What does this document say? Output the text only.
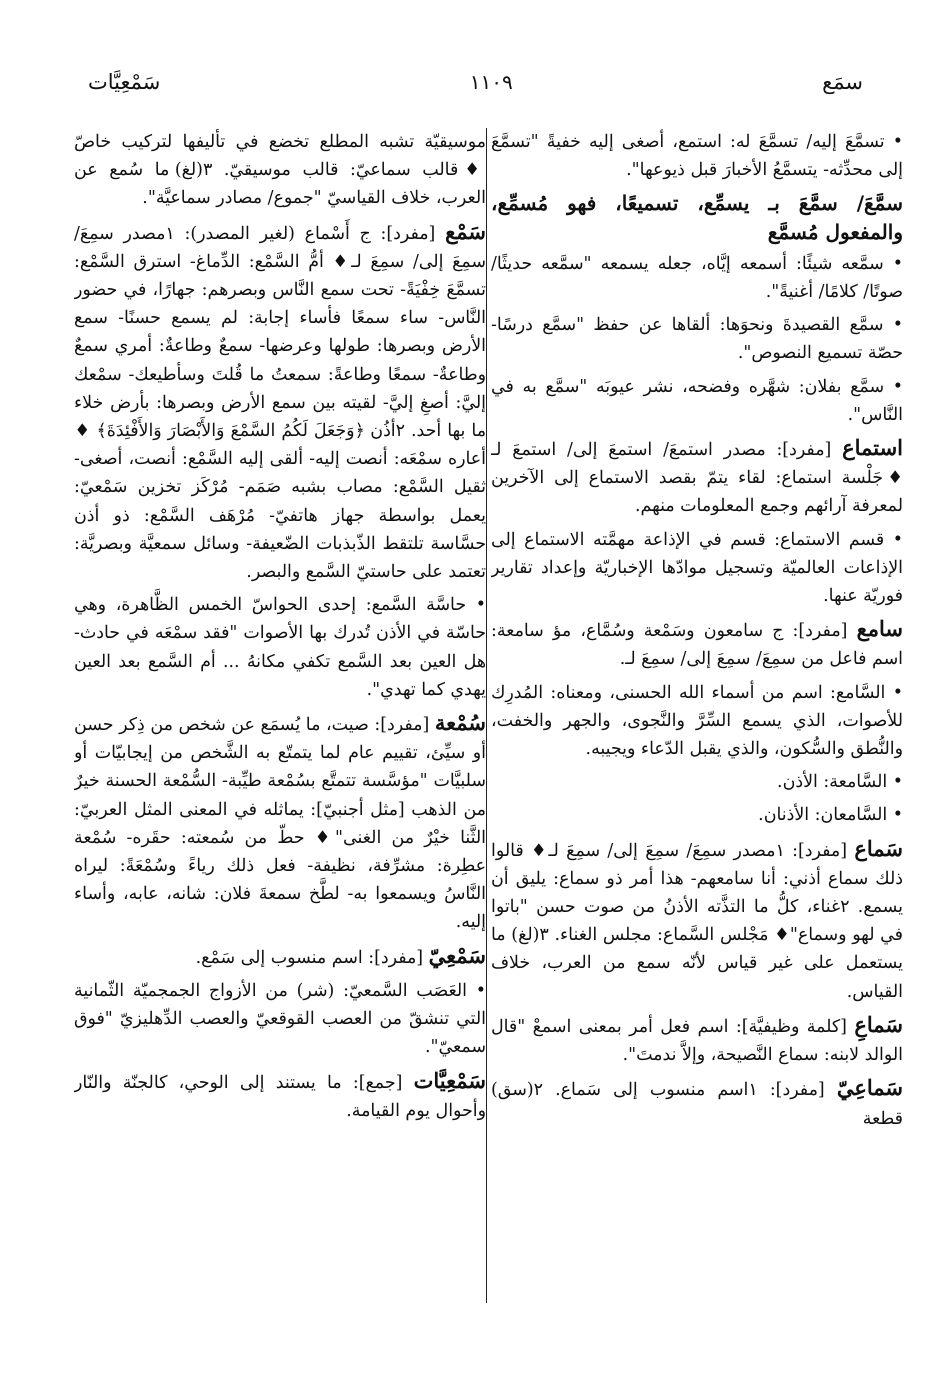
سمَع
١١٠٩
سَمْعِيَّات

• تسمَّعَ إليه/ تسمَّعَ له: استمع، أصغى إليه خفيةً "تسمَّعَ إلى محدِّثه- يتسمَّعُ الأخبارَ قبل ذيوعها".

سمَّعَ/ سمَّعَ بـ يسمِّع، تسميعًا، فهو مُسمِّع، والمفعول مُسمَّع

• سمَّعه شيئًا: أسمعه إيَّاه، جعله يسمعه "سمَّعه حديثًا/ صوتًا/ كلامًا/ أغنيةً".

• سمَّع القصيدةَ ونحوَها: ألقاها عن حفظ "سمَّع درسًا- حصّة تسميع النصوص".

• سمَّع بفلان: شهَّره وفضحه، نشر عيوبَه "سمَّع به في النَّاس".

استماع [مفرد]: مصدر استمعَ/ استمعَ إلى/ استمعَ لـ ♦جَلْسة استماع: لقاء يتمّ بقصد الاستماع إلى الآخرين لمعرفة آرائهم وجمع المعلومات منهم.

• قسم الاستماع: قسم في الإذاعة مهمَّته الاستماع إلى الإذاعات العالميّة وتسجيل موادّها الإخباريّة وإعداد تقارير فوريّة عنها.

سامع [مفرد]: ج سامعون وسَمْعة وسُمَّاع، مؤ سامعة: اسم فاعل من سمِعَ/ سمِعَ إلى/ سمِعَ لـ.

• السَّامع: اسم من أسماء الله الحسنى، ومعناه: المُدرِك للأصوات، الذي يسمع السِّرَّ والنَّجوى، والجهر والخفت، والنُّطق والسُّكون، والذي يقبل الدّعاء ويجيبه.

• السَّامعة: الأذن.

• السَّامعان: الأذنان.

سَماع [مفرد]: ١مصدر سمِعَ/ سمِعَ إلى/ سمِعَ لـ♦ قالوا ذلك سماع أذني: أنا سامعهم- هذا أمر ذو سماع: يليق أن يسمع. ٢غناء، كلُّ ما التذَّته الأذنُ من صوت حسن "باتوا في لهو وسماع"♦ مَجْلس السَّماع: مجلس الغناء. ٣(لغ) ما يستعمل على غير قياس لأنّه سمع من العرب، خلاف القياس.

سَماعِ [كلمة وظيفيَّة]: اسم فعل أمر بمعنى اسمعْ "قال الوالد لابنه: سماع النَّصيحة، وإلاَّ ندمتَ".

سَماعِيّ [مفرد]: ١اسم منسوب إلى سَماع. ٢(سق) قطعة

موسيقيّة تشبه المطلع تخضع في تأليفها لتركيب خاصّ ♦قالب سماعيّ: قالب موسيقيّ. ٣(لغ) ما سُمع عن العرب، خلاف القياسيّ "جموع/ مصادر سماعيَّة".

سَمْع [مفرد]: ج أَسْماع (لغير المصدر): ١مصدر سمِعَ/ سمِعَ إلى/ سمِعَ لـ♦ أمُّ السَّمْع: الدِّماغ- استرق السَّمْع: تسمَّعَ خِفْيَةً- تحت سمع النَّاس وبصرهم: جهارًا، في حضور النَّاس- ساء سمعًا فأساء إجابة: لم يسمع حسنًا- سمع الأرض وبصرها: طولها وعرضها- سمعٌ وطاعةٌ: أمري سمعٌ وطاعةٌ- سمعًا وطاعةً: سمعتُ ما قُلتَ وسأطيعك- سمْعك إليَّ: أصغِ إليَّ- لقيته بين سمع الأرض وبصرها: بأرض خلاء ما بها أحد. ٢أذُن ﴿وَجَعَلَ لَكُمُ السَّمْعَ وَالأَبْصَارَ وَالأَفْئِدَةَ﴾ ♦ أعاره سمْعَه: أنصت إليه- ألقى إليه السَّمْع: أنصت، أصغى- ثقيل السَّمْع: مصاب بشبه صَمَم- مُرْكَز تخزين سَمْعيّ: يعمل بواسطة جهاز هاتفيّ- مُرْهَف السَّمْع: ذو أذن حسَّاسة تلتقط الذّبذبات الضّعيفة- وسائل سمعيَّة وبصريَّة: تعتمد على حاستيّ السَّمع والبصر.

• حاسَّة السَّمع: إحدى الحواسّ الخمس الظَّاهرة، وهي حاسّة في الأذن تُدرك بها الأصوات "فقد سمْعَه في حادث- هل العين بعد السَّمع تكفي مكانهُ ... أم السَّمع بعد العين يهدي كما تهدي".

سُمْعة [مفرد]: صيت، ما يُسمَع عن شخص من ذِكر حسن أو سيِّئ، تقييم عام لما يتمتّع به الشَّخص من إيجابيّات أو سلبيَّات "مؤسَّسة تتمتَّع بسُمْعة طيِّبة- السُّمْعة الحسنة خيرٌ من الذهب [مثل أجنبيّ]: يماثله في المعنى المثل العربيّ: الثَّنا خيْرٌ من الغنى"♦ حطّ من سُمعته: حقَره- سُمْعة عطِرة: مشرِّفة، نظيفة- فعل ذلك رياءً وسُمْعَةً: ليراه النَّاسُ ويسمعوا به- لطَّخ سمعةَ فلان: شانه، عابه، وأساء إليه.

سَمْعِيّ [مفرد]: اسم منسوب إلى سَمْع.

• العَصَب السَّمعيّ: (شر) من الأزواج الجمجميّة الثّمانية التي تنشقّ من العصب القوقعيّ والعصب الدِّهليزيّ "فوق سمعيّ".

سَمْعِيَّات [جمع]: ما يستند إلى الوحي، كالجنّة والنّار وأحوال يوم القيامة.
